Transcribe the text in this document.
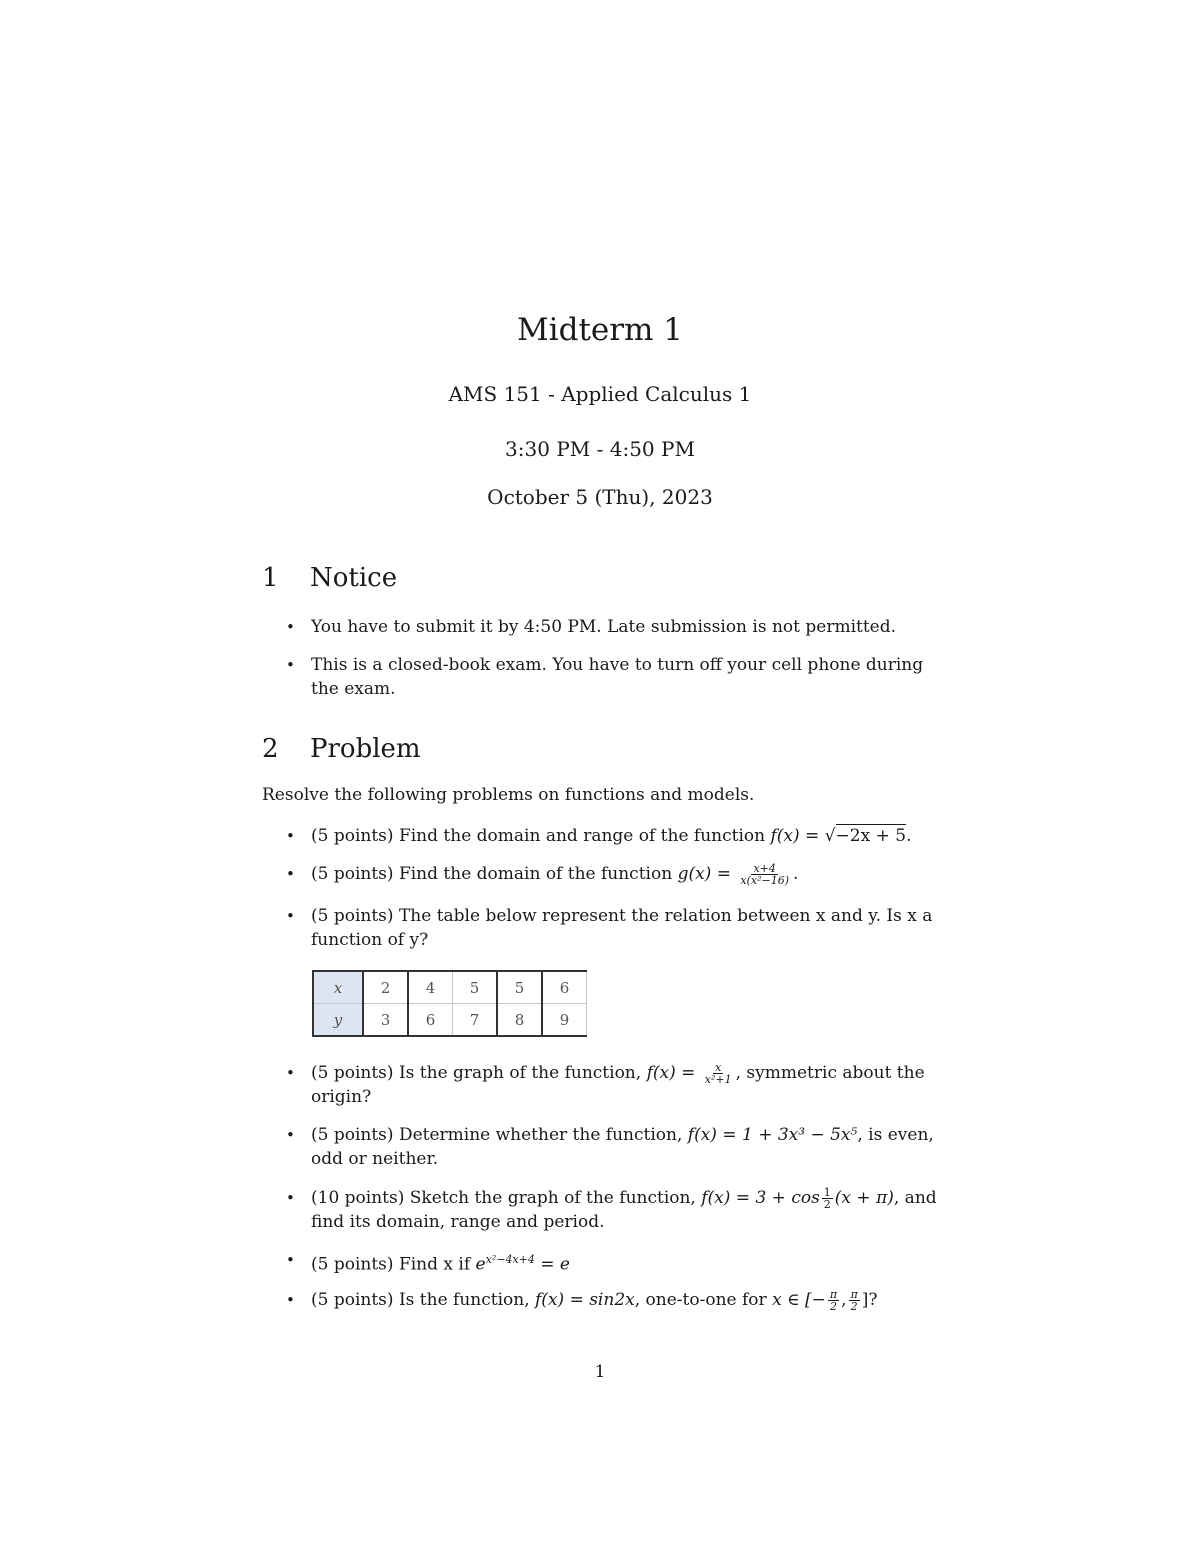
Midterm 1
AMS 151 - Applied Calculus 1
3:30 PM - 4:50 PM
October 5 (Thu), 2023
1 Notice
• You have to submit it by 4:50 PM. Late submission is not permitted.
• This is a closed-book exam. You have to turn off your cell phone during the exam.
2 Problem
Resolve the following problems on functions and models.
• (5 points) Find the domain and range of the function f(x) = √−2x + 5.
• (5 points) Find the domain of the function $g(x) = \frac{x+4}{\text{x(x²−16)}}$ .
• (5 points) The table below represent the relation between x and y. Is x a function of y?
x	2	4	5	5	6
y	3	6	7	8	9
• (5 points) Is the graph of the function, $f(x) = \frac{x}{\text{x²+1}}$ , symmetric about the origin?
• (5 points) Determine whether the function, f(x) = 1 + 3x³ − 5x⁵, is even, odd or neither.
• (10 points) Sketch the graph of the function, $f(x) = 3 + \cos \frac{1}{2} (x + \pi)$, and find its domain, range and period.
• (5 points) Find x if $e^{x^2-4x+4} = e$
• (5 points) Is the function, f(x) = sin2x, one-to-one for x ∈ [− $\frac{\pi}{2}$ , $\frac{\pi}{2}$ ]?
1
